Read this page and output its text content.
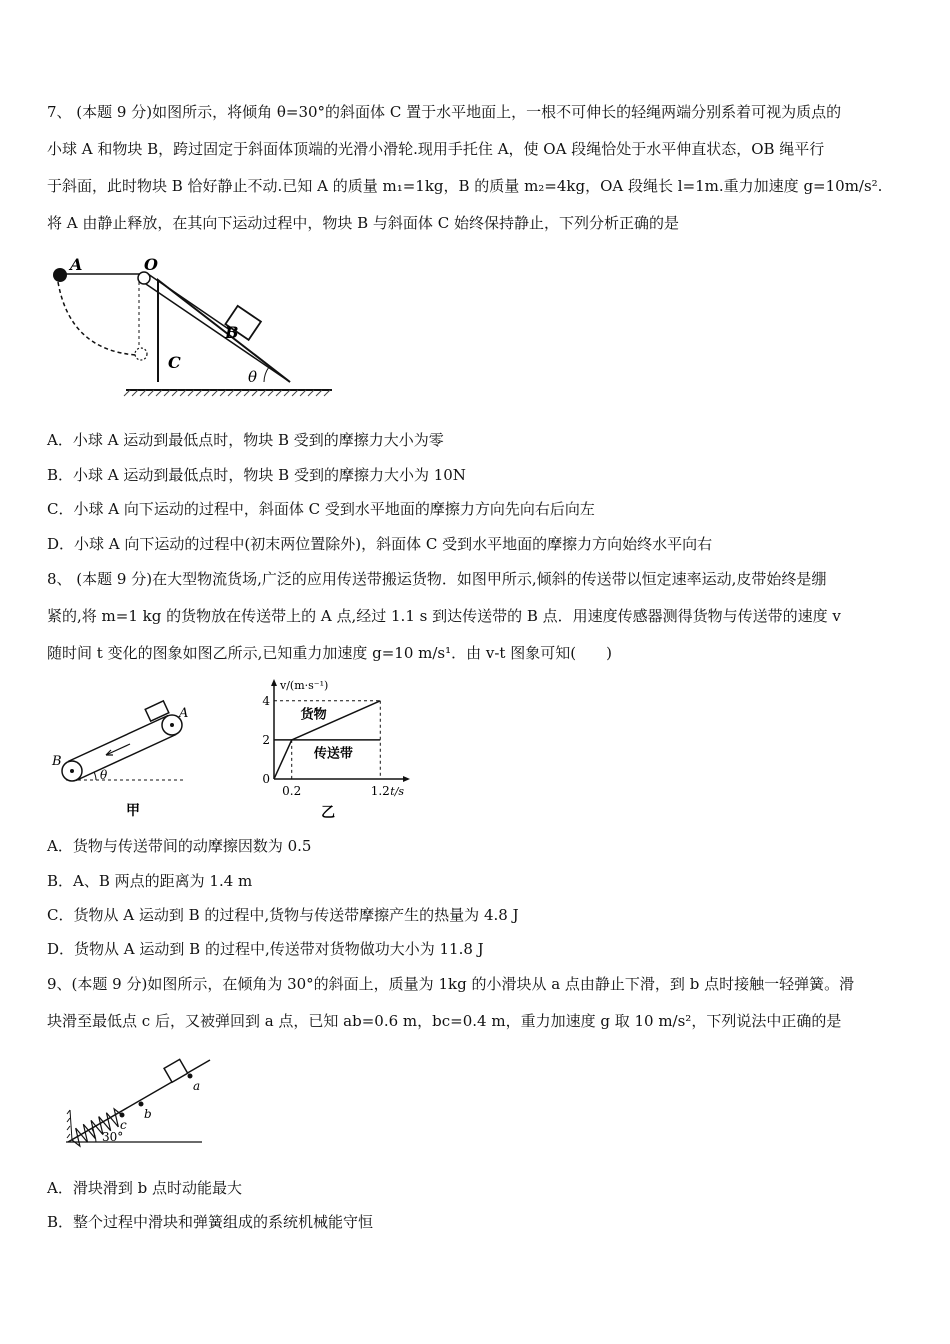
7、 (本题 9 分)如图所示，将倾角 θ=30°的斜面体 C 置于水平地面上，一根不可伸长的轻绳两端分别系着可视为质点的
小球 A 和物块 B，跨过固定于斜面体顶端的光滑小滑轮.现用手托住 A，使 OA 段绳恰处于水平伸直状态，OB 绳平行
于斜面，此时物块 B 恰好静止不动.已知 A 的质量 m₁=1kg，B 的质量 m₂=4kg，OA 段绳长 l=1m.重力加速度 g=10m/s².
将 A 由静止释放，在其向下运动过程中，物块 B 与斜面体 C 始终保持静止，下列分析正确的是
A	O
B
C
θ
A．小球 A 运动到最低点时，物块 B 受到的摩擦力大小为零
B．小球 A 运动到最低点时，物块 B 受到的摩擦力大小为 10N
C．小球 A 向下运动的过程中，斜面体 C 受到水平地面的摩擦力方向先向右后向左
D．小球 A 向下运动的过程中(初末两位置除外)，斜面体 C 受到水平地面的摩擦力方向始终水平向右
8、 (本题 9 分)在大型物流货场,广泛的应用传送带搬运货物．如图甲所示,倾斜的传送带以恒定速率运动,皮带始终是绷
紧的,将 m=1 kg 的货物放在传送带上的 A 点,经过 1.1 s 到达传送带的 B 点．用速度传感器测得货物与传送带的速度 v
随时间 t 变化的图象如图乙所示,已知重力加速度 g=10 m/s¹．由 v-t 图象可知(　　)
A
B
θ
甲
v/(m·s⁻¹)
t/s
0
2
4
0.2	1.2
货物
传送带
乙
A．货物与传送带间的动摩擦因数为 0.5
B．A、B 两点的距离为 1.4 m
C．货物从 A 运动到 B 的过程中,货物与传送带摩擦产生的热量为 4.8 J
D．货物从 A 运动到 B 的过程中,传送带对货物做功大小为 11.8 J
9、(本题 9 分)如图所示，在倾角为 30°的斜面上，质量为 1kg 的小滑块从 a 点由静止下滑，到 b 点时接触一轻弹簧。滑
块滑至最低点 c 后，又被弹回到 a 点，已知 ab=0.6 m，bc=0.4 m，重力加速度 g 取 10 m/s²，下列说法中正确的是
a
b
c
30°
A．滑块滑到 b 点时动能最大
B．整个过程中滑块和弹簧组成的系统机械能守恒
